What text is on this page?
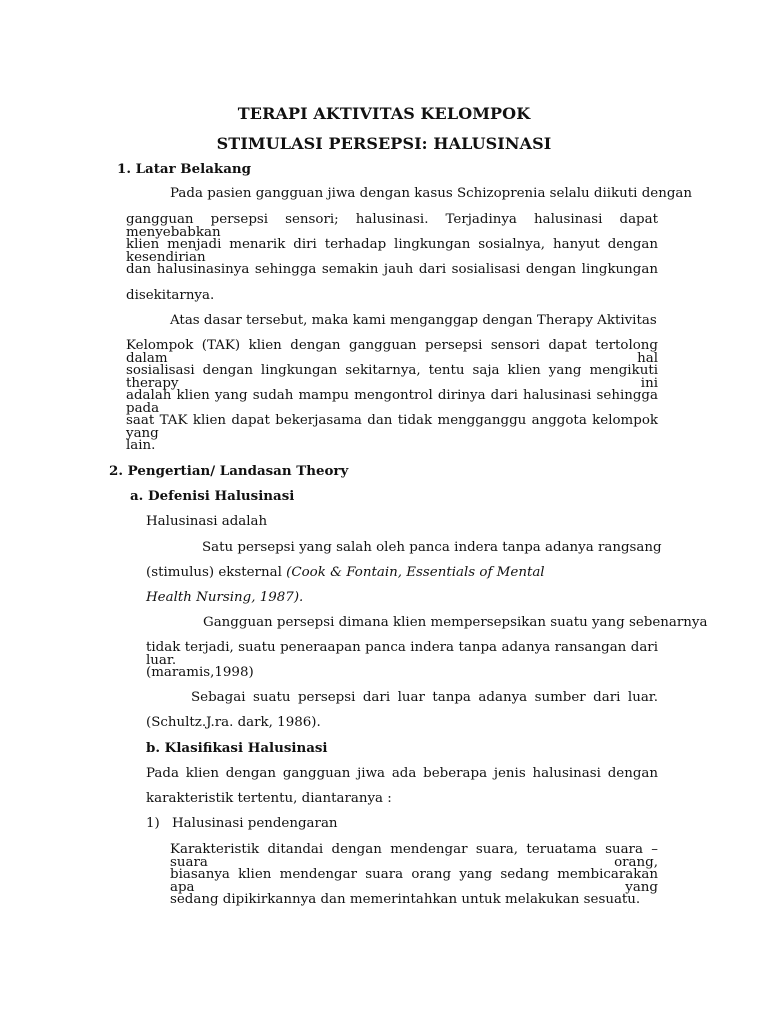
TERAPI AKTIVITAS KELOMPOK
STIMULASI PERSEPSI: HALUSINASI
1. Latar Belakang
Pada pasien gangguan jiwa dengan kasus Schizoprenia selalu diikuti dengan
gangguan persepsi sensori; halusinasi. Terjadinya halusinasi dapat menyebabkan
klien menjadi menarik diri terhadap lingkungan sosialnya, hanyut dengan kesendirian
dan halusinasinya sehingga semakin jauh dari sosialisasi dengan lingkungan
disekitarnya.
Atas dasar tersebut, maka kami menganggap dengan Therapy Aktivitas
Kelompok (TAK) klien dengan gangguan persepsi sensori dapat tertolong dalam hal
sosialisasi dengan lingkungan sekitarnya, tentu saja klien yang mengikuti therapy ini
adalah klien yang sudah mampu mengontrol dirinya dari halusinasi sehingga pada
saat TAK klien dapat bekerjasama dan tidak mengganggu anggota kelompok yang
lain.
2. Pengertian/ Landasan Theory
a. Defenisi Halusinasi
Halusinasi adalah
Satu persepsi yang salah oleh panca indera tanpa adanya rangsang
(stimulus) eksternal (Cook & Fontain, Essentials of Mental
Health Nursing, 1987).
Gangguan persepsi dimana klien mempersepsikan suatu yang sebenarnya
tidak terjadi, suatu peneraapan panca indera tanpa adanya ransangan dari luar.
(maramis,1998)
Sebagai suatu persepsi dari luar tanpa adanya sumber dari luar.
(Schultz.J.ra. dark, 1986).
b. Klasifikasi Halusinasi
Pada klien dengan gangguan jiwa ada beberapa jenis halusinasi dengan
karakteristik tertentu, diantaranya :
1) Halusinasi pendengaran
Karakteristik ditandai dengan mendengar suara, teruatama suara – suara orang,
biasanya klien mendengar suara orang yang sedang membicarakan apa yang
sedang dipikirkannya dan memerintahkan untuk melakukan sesuatu.
